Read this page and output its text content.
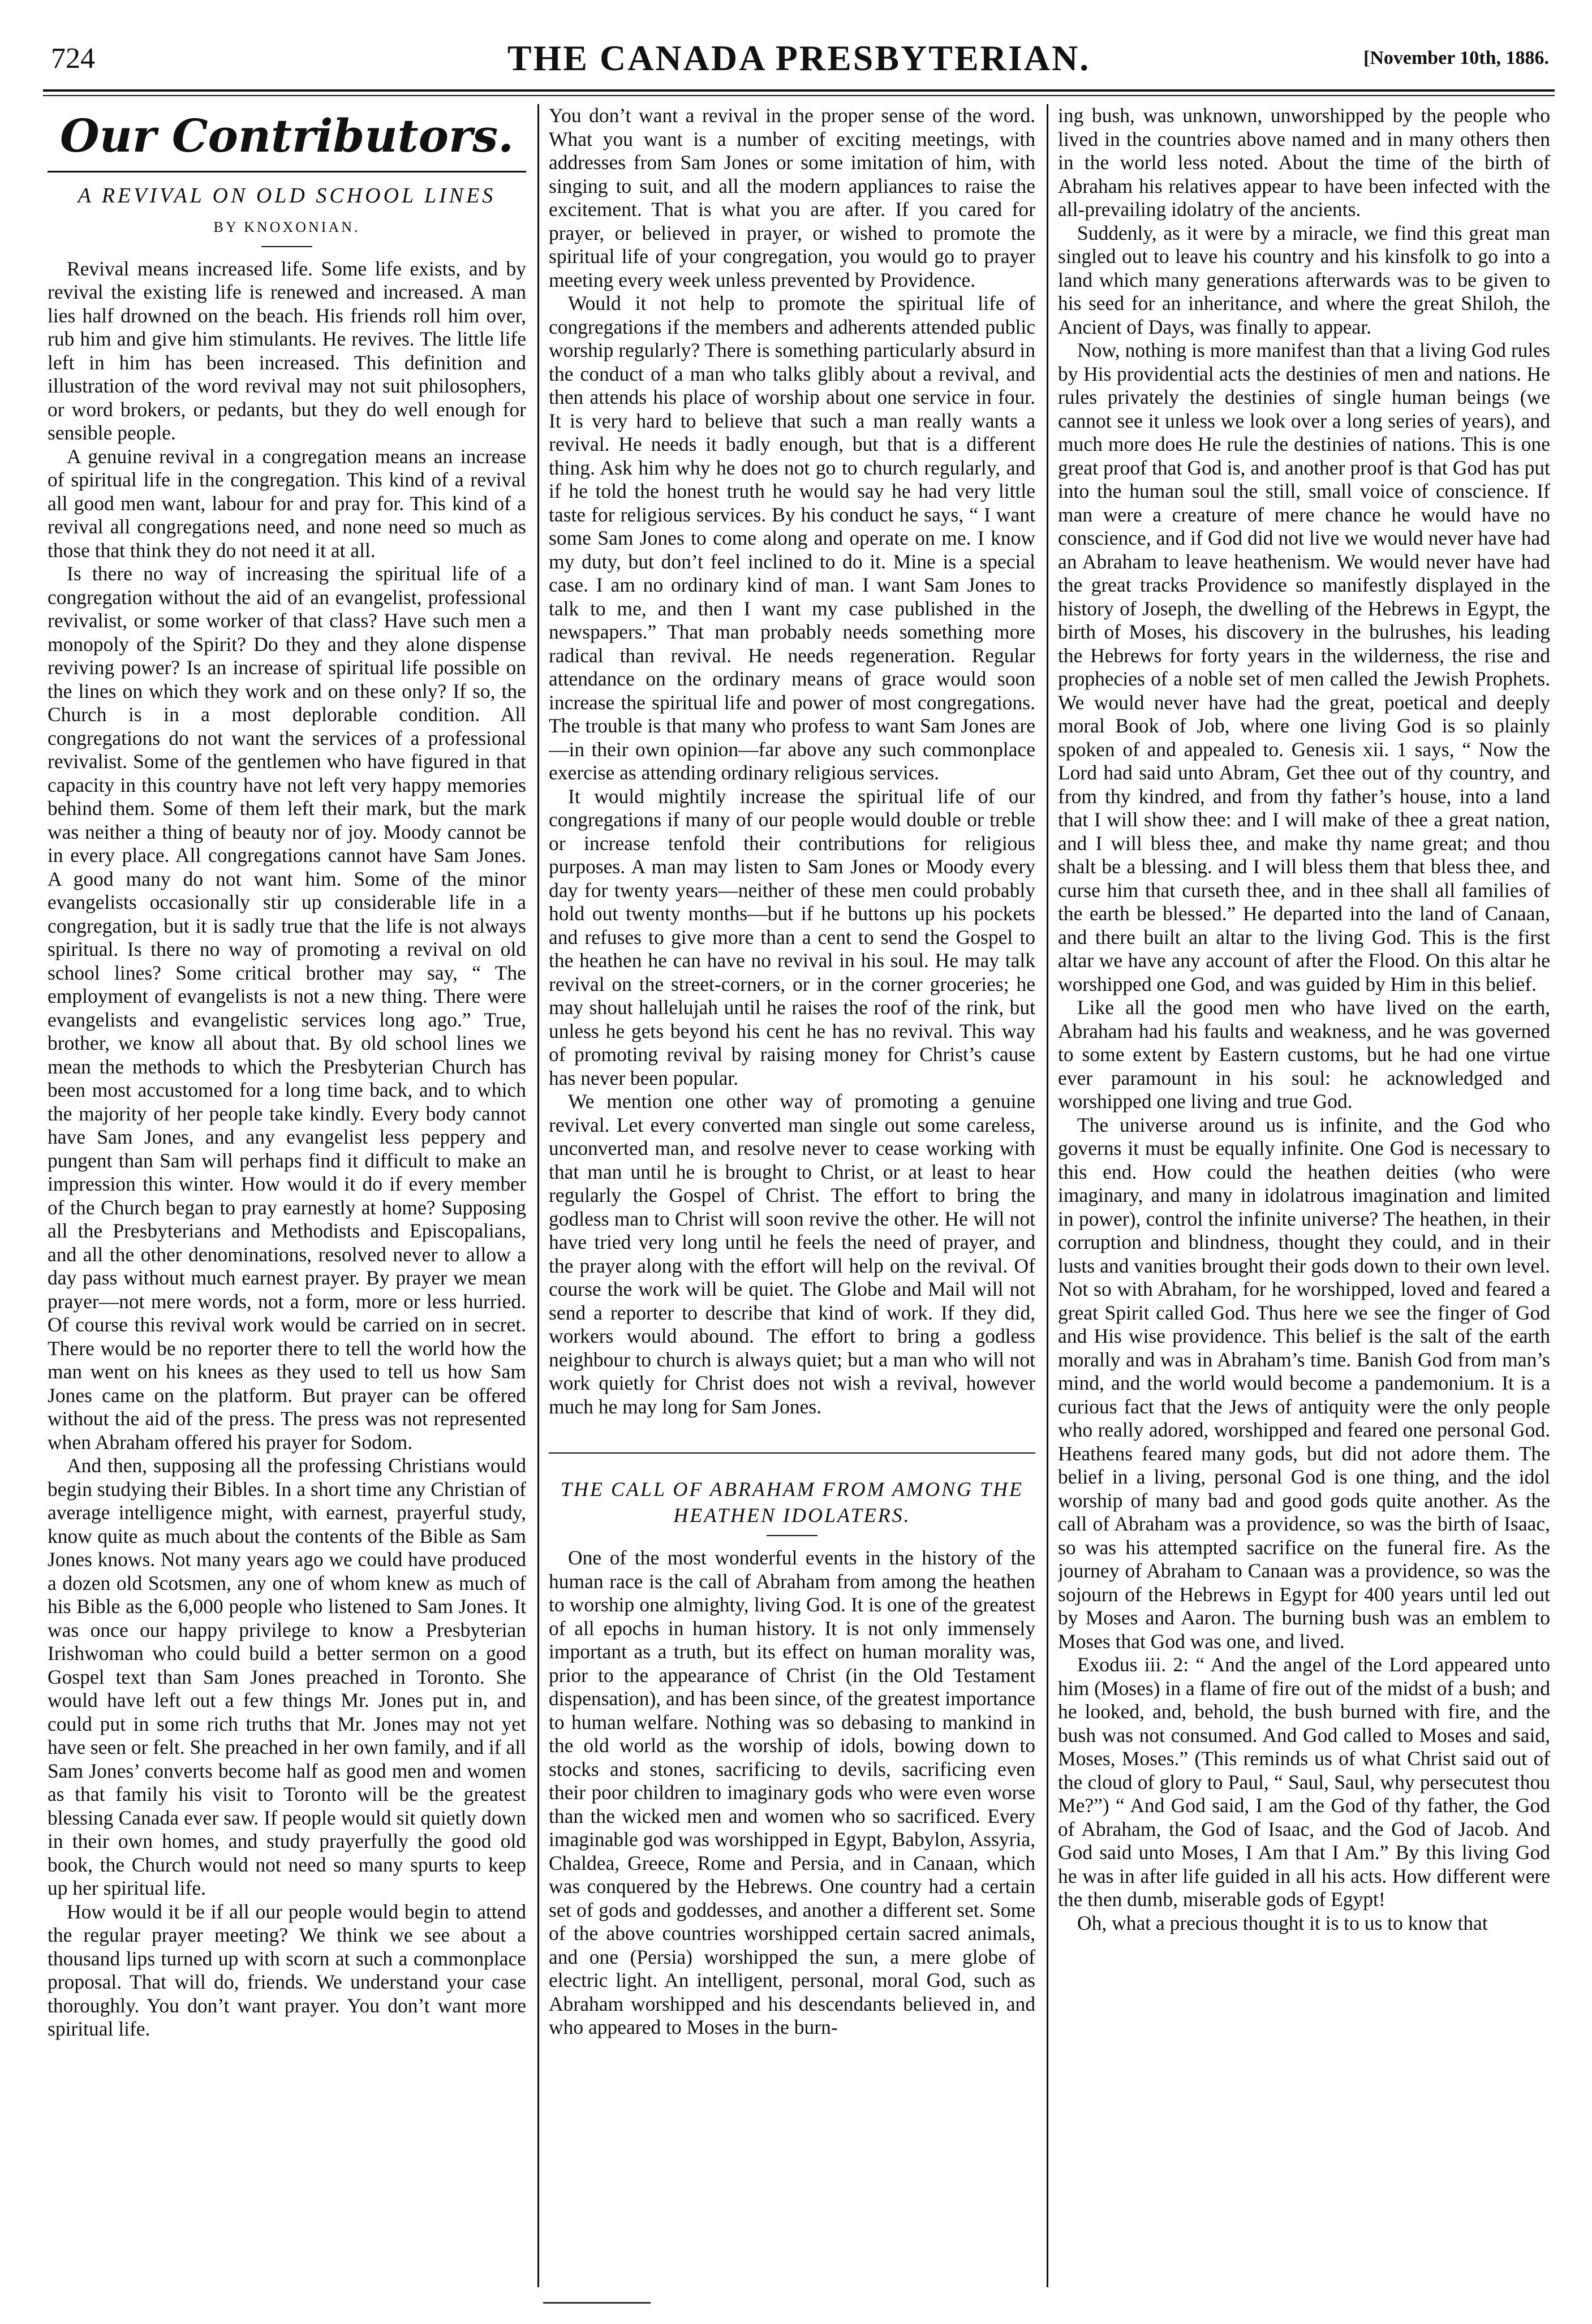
724	THE CANADA PRESBYTERIAN.	[November 10th, 1886.
Our Contributors.
A REVIVAL ON OLD SCHOOL LINES
BY KNOXONIAN.

Revival means increased life. Some life exists, and by revival the existing life is renewed and increased. A man lies half drowned on the beach. His friends roll him over, rub him and give him stimulants. He revives. The little life left in him has been increased. This definition and illustration of the word revival may not suit philosophers, or word brokers, or pedants, but they do well enough for sensible people.

A genuine revival in a congregation means an increase of spiritual life in the congregation. This kind of a revival all good men want, labour for and pray for. This kind of a revival all congregations need, and none need so much as those that think they do not need it at all.

Is there no way of increasing the spiritual life of a congregation without the aid of an evangelist, professional revivalist, or some worker of that class? Have such men a monopoly of the Spirit? Do they and they alone dispense reviving power? Is an increase of spiritual life possible on the lines on which they work and on these only? If so, the Church is in a most deplorable condition. All congregations do not want the services of a professional revivalist. Some of the gentlemen who have figured in that capacity in this country have not left very happy memories behind them. Some of them left their mark, but the mark was neither a thing of beauty nor of joy. Moody cannot be in every place. All congregations cannot have Sam Jones. A good many do not want him. Some of the minor evangelists occasionally stir up considerable life in a congregation, but it is sadly true that the life is not always spiritual. Is there no way of promoting a revival on old school lines? Some critical brother may say, “ The employment of evangelists is not a new thing. There were evangelists and evangelistic services long ago.” True, brother, we know all about that. By old school lines we mean the methods to which the Presbyterian Church has been most accustomed for a long time back, and to which the majority of her people take kindly. Every body cannot have Sam Jones, and any evangelist less peppery and pungent than Sam will perhaps find it difficult to make an impression this winter. How would it do if every member of the Church began to pray earnestly at home? Supposing all the Presbyterians and Methodists and Episcopalians, and all the other denominations, resolved never to allow a day pass without much earnest prayer. By prayer we mean prayer—not mere words, not a form, more or less hurried. Of course this revival work would be carried on in secret. There would be no reporter there to tell the world how the man went on his knees as they used to tell us how Sam Jones came on the platform. But prayer can be offered without the aid of the press. The press was not represented when Abraham offered his prayer for Sodom.

And then, supposing all the professing Christians would begin studying their Bibles. In a short time any Christian of average intelligence might, with earnest, prayerful study, know quite as much about the contents of the Bible as Sam Jones knows. Not many years ago we could have produced a dozen old Scotsmen, any one of whom knew as much of his Bible as the 6,000 people who listened to Sam Jones. It was once our happy privilege to know a Presbyterian Irishwoman who could build a better sermon on a good Gospel text than Sam Jones preached in Toronto. She would have left out a few things Mr. Jones put in, and could put in some rich truths that Mr. Jones may not yet have seen or felt. She preached in her own family, and if all Sam Jones’ converts become half as good men and women as that family his visit to Toronto will be the greatest blessing Canada ever saw. If people would sit quietly down in their own homes, and study prayerfully the good old book, the Church would not need so many spurts to keep up her spiritual life.

How would it be if all our people would begin to attend the regular prayer meeting? We think we see about a thousand lips turned up with scorn at such a commonplace proposal. That will do, friends. We understand your case thoroughly. You don’t want prayer. You don’t want more spiritual life.

You don’t want a revival in the proper sense of the word. What you want is a number of exciting meetings, with addresses from Sam Jones or some imitation of him, with singing to suit, and all the modern appliances to raise the excitement. That is what you are after. If you cared for prayer, or believed in prayer, or wished to promote the spiritual life of your congregation, you would go to prayer meeting every week unless prevented by Providence.

Would it not help to promote the spiritual life of congregations if the members and adherents attended public worship regularly? There is something particularly absurd in the conduct of a man who talks glibly about a revival, and then attends his place of worship about one service in four. It is very hard to believe that such a man really wants a revival. He needs it badly enough, but that is a different thing. Ask him why he does not go to church regularly, and if he told the honest truth he would say he had very little taste for religious services. By his conduct he says, “ I want some Sam Jones to come along and operate on me. I know my duty, but don’t feel inclined to do it. Mine is a special case. I am no ordinary kind of man. I want Sam Jones to talk to me, and then I want my case published in the newspapers.” That man probably needs something more radical than revival. He needs regeneration. Regular attendance on the ordinary means of grace would soon increase the spiritual life and power of most congregations. The trouble is that many who profess to want Sam Jones are—in their own opinion—far above any such commonplace exercise as attending ordinary religious services.

It would mightily increase the spiritual life of our congregations if many of our people would double or treble or increase tenfold their contributions for religious purposes. A man may listen to Sam Jones or Moody every day for twenty years—neither of these men could probably hold out twenty months—but if he buttons up his pockets and refuses to give more than a cent to send the Gospel to the heathen he can have no revival in his soul. He may talk revival on the street-corners, or in the corner groceries; he may shout hallelujah until he raises the roof of the rink, but unless he gets beyond his cent he has no revival. This way of promoting revival by raising money for Christ’s cause has never been popular.

We mention one other way of promoting a genuine revival. Let every converted man single out some careless, unconverted man, and resolve never to cease working with that man until he is brought to Christ, or at least to hear regularly the Gospel of Christ. The effort to bring the godless man to Christ will soon revive the other. He will not have tried very long until he feels the need of prayer, and the prayer along with the effort will help on the revival. Of course the work will be quiet. The Globe and Mail will not send a reporter to describe that kind of work. If they did, workers would abound. The effort to bring a godless neighbour to church is always quiet; but a man who will not work quietly for Christ does not wish a revival, however much he may long for Sam Jones.

THE CALL OF ABRAHAM FROM AMONG THE HEATHEN IDOLATERS.

One of the most wonderful events in the history of the human race is the call of Abraham from among the heathen to worship one almighty, living God. It is one of the greatest of all epochs in human history. It is not only immensely important as a truth, but its effect on human morality was, prior to the appearance of Christ (in the Old Testament dispensation), and has been since, of the greatest importance to human welfare. Nothing was so debasing to mankind in the old world as the worship of idols, bowing down to stocks and stones, sacrificing to devils, sacrificing even their poor children to imaginary gods who were even worse than the wicked men and women who so sacrificed. Every imaginable god was worshipped in Egypt, Babylon, Assyria, Chaldea, Greece, Rome and Persia, and in Canaan, which was conquered by the Hebrews. One country had a certain set of gods and goddesses, and another a different set. Some of the above countries worshipped certain sacred animals, and one (Persia) worshipped the sun, a mere globe of electric light. An intelligent, personal, moral God, such as Abraham worshipped and his descendants believed in, and who appeared to Moses in the burn-

ing bush, was unknown, unworshipped by the people who lived in the countries above named and in many others then in the world less noted. About the time of the birth of Abraham his relatives appear to have been infected with the all-prevailing idolatry of the ancients.

Suddenly, as it were by a miracle, we find this great man singled out to leave his country and his kinsfolk to go into a land which many generations afterwards was to be given to his seed for an inheritance, and where the great Shiloh, the Ancient of Days, was finally to appear.

Now, nothing is more manifest than that a living God rules by His providential acts the destinies of men and nations. He rules privately the destinies of single human beings (we cannot see it unless we look over a long series of years), and much more does He rule the destinies of nations. This is one great proof that God is, and another proof is that God has put into the human soul the still, small voice of conscience. If man were a creature of mere chance he would have no conscience, and if God did not live we would never have had an Abraham to leave heathenism. We would never have had the great tracks Providence so manifestly displayed in the history of Joseph, the dwelling of the Hebrews in Egypt, the birth of Moses, his discovery in the bulrushes, his leading the Hebrews for forty years in the wilderness, the rise and prophecies of a noble set of men called the Jewish Prophets. We would never have had the great, poetical and deeply moral Book of Job, where one living God is so plainly spoken of and appealed to. Genesis xii. 1 says, “ Now the Lord had said unto Abram, Get thee out of thy country, and from thy kindred, and from thy father’s house, into a land that I will show thee: and I will make of thee a great nation, and I will bless thee, and make thy name great; and thou shalt be a blessing. and I will bless them that bless thee, and curse him that curseth thee, and in thee shall all families of the earth be blessed.” He departed into the land of Canaan, and there built an altar to the living God. This is the first altar we have any account of after the Flood. On this altar he worshipped one God, and was guided by Him in this belief.

Like all the good men who have lived on the earth, Abraham had his faults and weakness, and he was governed to some extent by Eastern customs, but he had one virtue ever paramount in his soul: he acknowledged and worshipped one living and true God.

The universe around us is infinite, and the God who governs it must be equally infinite. One God is necessary to this end. How could the heathen deities (who were imaginary, and many in idolatrous imagination and limited in power), control the infinite universe? The heathen, in their corruption and blindness, thought they could, and in their lusts and vanities brought their gods down to their own level. Not so with Abraham, for he worshipped, loved and feared a great Spirit called God. Thus here we see the finger of God and His wise providence. This belief is the salt of the earth morally and was in Abraham’s time. Banish God from man’s mind, and the world would become a pandemonium. It is a curious fact that the Jews of antiquity were the only people who really adored, worshipped and feared one personal God. Heathens feared many gods, but did not adore them. The belief in a living, personal God is one thing, and the idol worship of many bad and good gods quite another. As the call of Abraham was a providence, so was the birth of Isaac, so was his attempted sacrifice on the funeral fire. As the journey of Abraham to Canaan was a providence, so was the sojourn of the Hebrews in Egypt for 400 years until led out by Moses and Aaron. The burning bush was an emblem to Moses that God was one, and lived.

Exodus iii. 2: “ And the angel of the Lord appeared unto him (Moses) in a flame of fire out of the midst of a bush; and he looked, and, behold, the bush burned with fire, and the bush was not consumed. And God called to Moses and said, Moses, Moses.” (This reminds us of what Christ said out of the cloud of glory to Paul, “ Saul, Saul, why persecutest thou Me?”) “ And God said, I am the God of thy father, the God of Abraham, the God of Isaac, and the God of Jacob. And God said unto Moses, I Am that I Am.” By this living God he was in after life guided in all his acts. How different were the then dumb, miserable gods of Egypt!

Oh, what a precious thought it is to us to know that
